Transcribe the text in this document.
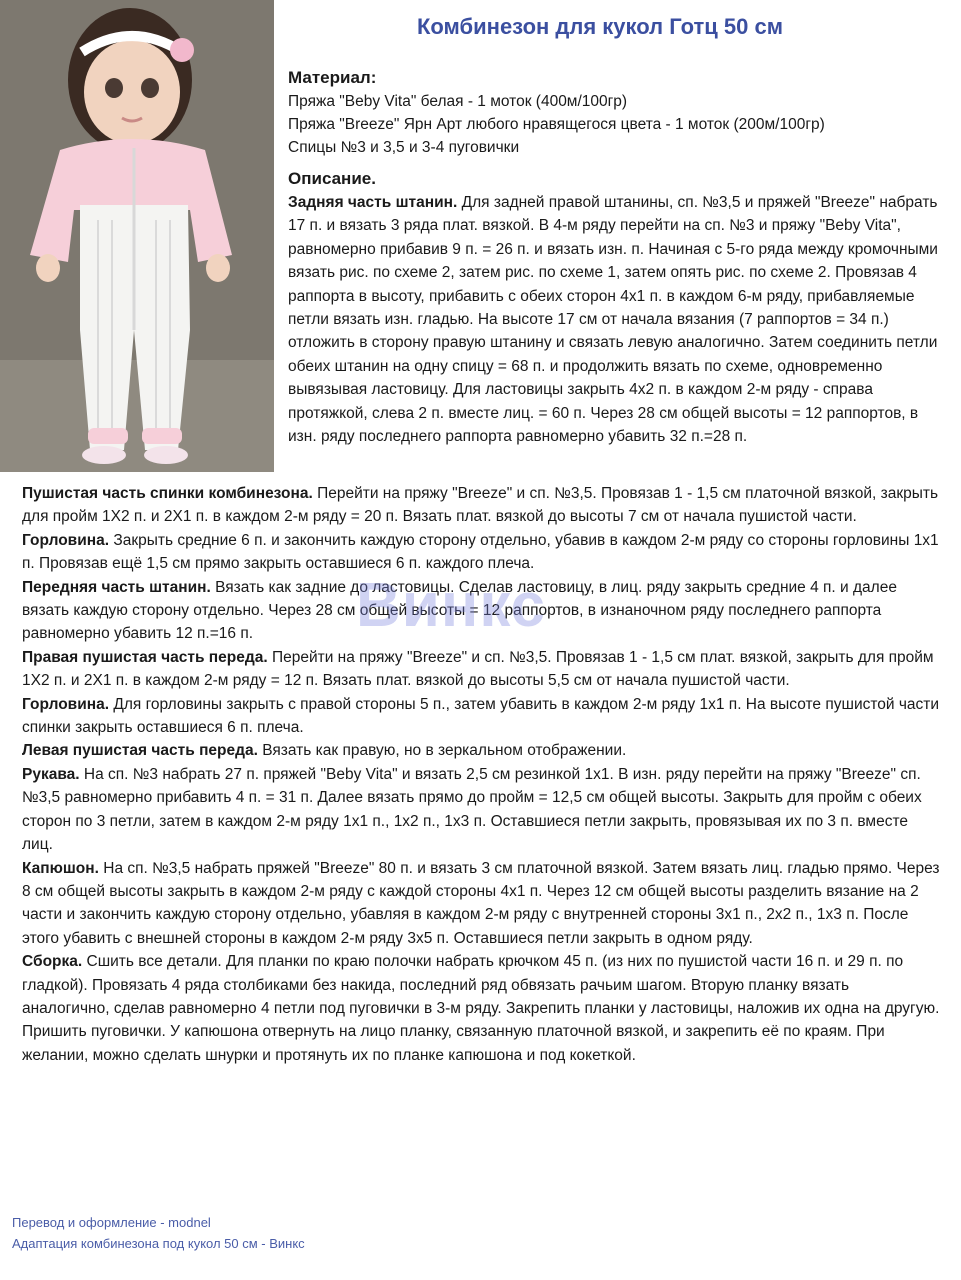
Комбинезон для кукол Готц 50 см
Материал:
Пряжа "Beby Vita" белая - 1 моток (400м/100гр)
Пряжа "Breeze" Ярн Арт любого нравящегося цвета - 1 моток (200м/100гр)
Спицы №3 и 3,5 и 3-4 пуговички
Описание.
Задняя часть штанин. Для задней правой штанины, сп. №3,5 и пряжей "Breeze" набрать 17 п. и вязать 3 ряда плат. вязкой. В 4-м ряду перейти на сп. №3 и пряжу "Beby Vita", равномерно прибавив 9 п. = 26 п. и вязать изн. п. Начиная с 5-го ряда между кромочными вязать рис. по схеме 2, затем рис. по схеме 1, затем опять рис. по схеме 2. Провязав 4 раппорта в высоту, прибавить с обеих сторон 4х1 п. в каждом 6-м ряду, прибавляемые петли вязать изн. гладью. На высоте 17 см от начала вязания (7 раппортов = 34 п.) отложить в сторону правую штанину и связать левую аналогично. Затем соединить петли обеих штанин на одну спицу = 68 п. и продолжить вязать по схеме, одновременно вывязывая ластовицу. Для ластовицы закрыть 4х2 п. в каждом 2-м ряду - справа протяжкой, слева 2 п. вместе лиц. = 60 п. Через 28 см общей высоты = 12 раппортов, в изн. ряду последнего раппорта равномерно убавить 32 п.=28 п.
Пушистая часть спинки комбинезона. Перейти на пряжу "Breeze" и сп. №3,5. Провязав 1 - 1,5 см платочной вязкой, закрыть для пройм 1Х2 п. и 2Х1 п. в каждом 2-м ряду = 20 п. Вязать плат. вязкой до высоты 7 см от начала пушистой части.
Горловина. Закрыть средние 6 п. и закончить каждую сторону отдельно, убавив в каждом 2-м ряду со стороны горловины 1х1 п. Провязав ещё 1,5 см прямо закрыть оставшиеся 6 п. каждого плеча.
Передняя часть штанин. Вязать как задние до ластовицы. Сделав ластовицу, в лиц. ряду закрыть средние 4 п. и далее вязать каждую сторону отдельно. Через 28 см общей высоты = 12 раппортов, в изнаночном ряду последнего раппорта равномерно убавить 12 п.=16 п.
Правая пушистая часть переда. Перейти на пряжу "Breeze" и сп. №3,5. Провязав 1 - 1,5 см плат. вязкой, закрыть для пройм 1Х2 п. и 2Х1 п. в каждом 2-м ряду = 12 п. Вязать плат. вязкой до высоты 5,5 см от начала пушистой части.
Горловина. Для горловины закрыть с правой стороны 5 п., затем убавить в каждом 2-м ряду 1х1 п. На высоте пушистой части спинки закрыть оставшиеся 6 п. плеча.
Левая пушистая часть переда. Вязать как правую, но в зеркальном отображении.
Рукава. На сп. №3 набрать 27 п. пряжей "Beby Vita" и вязать 2,5 см резинкой 1х1. В изн. ряду перейти на пряжу "Breeze" сп. №3,5 равномерно прибавить 4 п. = 31 п. Далее вязать прямо до пройм = 12,5 см общей высоты. Закрыть для пройм с обеих сторон по 3 петли, затем в каждом 2-м ряду 1х1 п., 1х2 п., 1х3 п. Оставшиеся петли закрыть, провязывая их по 3 п. вместе лиц.
Капюшон. На сп. №3,5 набрать пряжей "Breeze" 80 п. и вязать 3 см платочной вязкой. Затем вязать лиц. гладью прямо. Через 8 см общей высоты закрыть в каждом 2-м ряду с каждой стороны 4х1 п. Через 12 см общей высоты разделить вязание на 2 части и закончить каждую сторону отдельно, убавляя в каждом 2-м ряду с внутренней стороны 3х1 п., 2х2 п., 1х3 п. После этого убавить с внешней стороны в каждом 2-м ряду 3х5 п. Оставшиеся петли закрыть в одном ряду.
Сборка. Сшить все детали. Для планки по краю полочки набрать крючком 45 п. (из них по пушистой части 16 п. и 29 п. по гладкой). Провязать 4 ряда столбиками без накида, последний ряд обвязать рачьим шагом. Вторую планку вязать аналогично, сделав равномерно 4 петли под пуговички в 3-м ряду. Закрепить планки у ластовицы, наложив их одна на другую. Пришить пуговички. У капюшона отвернуть на лицо планку, связанную платочной вязкой, и закрепить её по краям. При желании, можно сделать шнурки и протянуть их по планке капюшона и под кокеткой.
Винкс
Перевод и оформление - modnel
Адаптация комбинезона под кукол 50 см - Винкс
